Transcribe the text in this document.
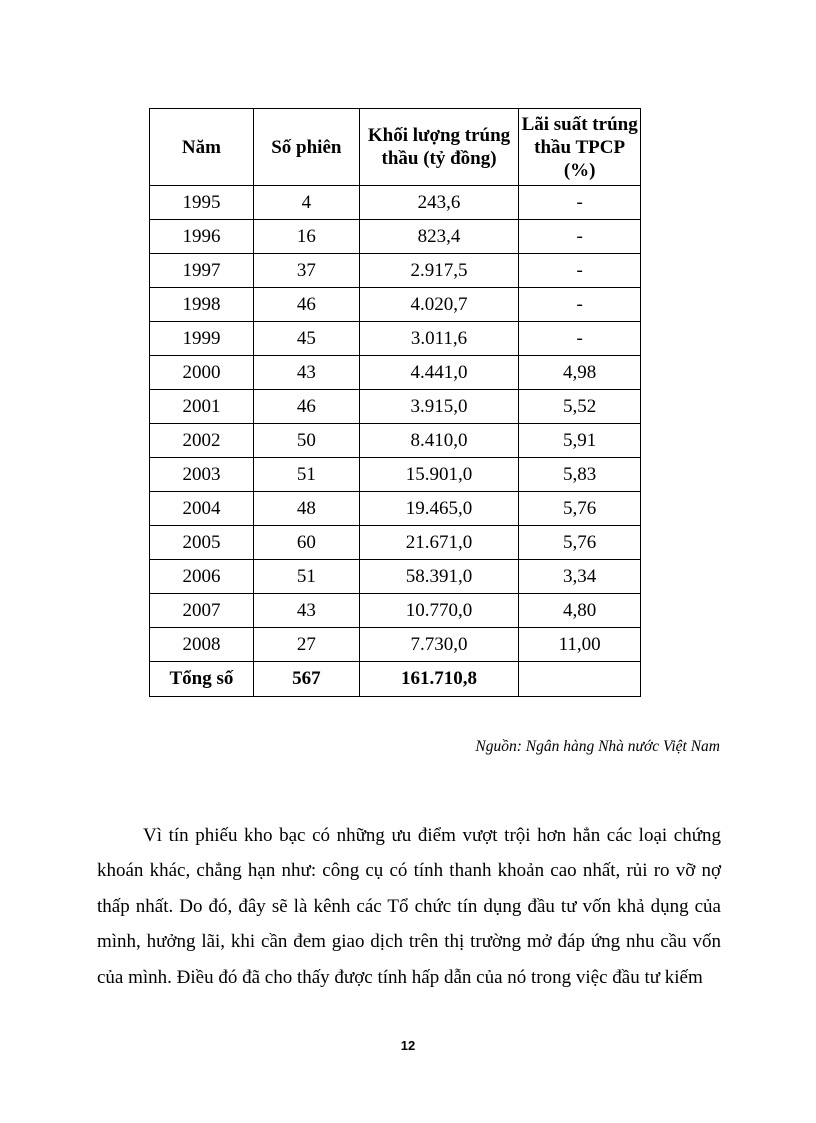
Năm	Số phiên	Khối lượng trúng thầu (tỷ đồng)	Lãi suất trúng thầu TPCP (%)
1995	4	243,6	-
1996	16	823,4	-
1997	37	2.917,5	-
1998	46	4.020,7	-
1999	45	3.011,6	-
2000	43	4.441,0	4,98
2001	46	3.915,0	5,52
2002	50	8.410,0	5,91
2003	51	15.901,0	5,83
2004	48	19.465,0	5,76
2005	60	21.671,0	5,76
2006	51	58.391,0	3,34
2007	43	10.770,0	4,80
2008	27	7.730,0	11,00
Tổng số	567	161.710,8	
Nguồn: Ngân hàng Nhà nước Việt Nam

Vì tín phiếu kho bạc có những ưu điểm vượt trội hơn hẳn các loại chứng khoán khác, chẳng hạn như: công cụ có tính thanh khoản cao nhất, rủi ro vỡ nợ thấp nhất. Do đó, đây sẽ là kênh các Tổ chức tín dụng đầu tư vốn khả dụng của mình, hưởng lãi, khi cần đem giao dịch trên thị trường mở đáp ứng nhu cầu vốn của mình. Điều đó đã cho thấy được tính hấp dẫn của nó trong việc đầu tư kiếm

12
